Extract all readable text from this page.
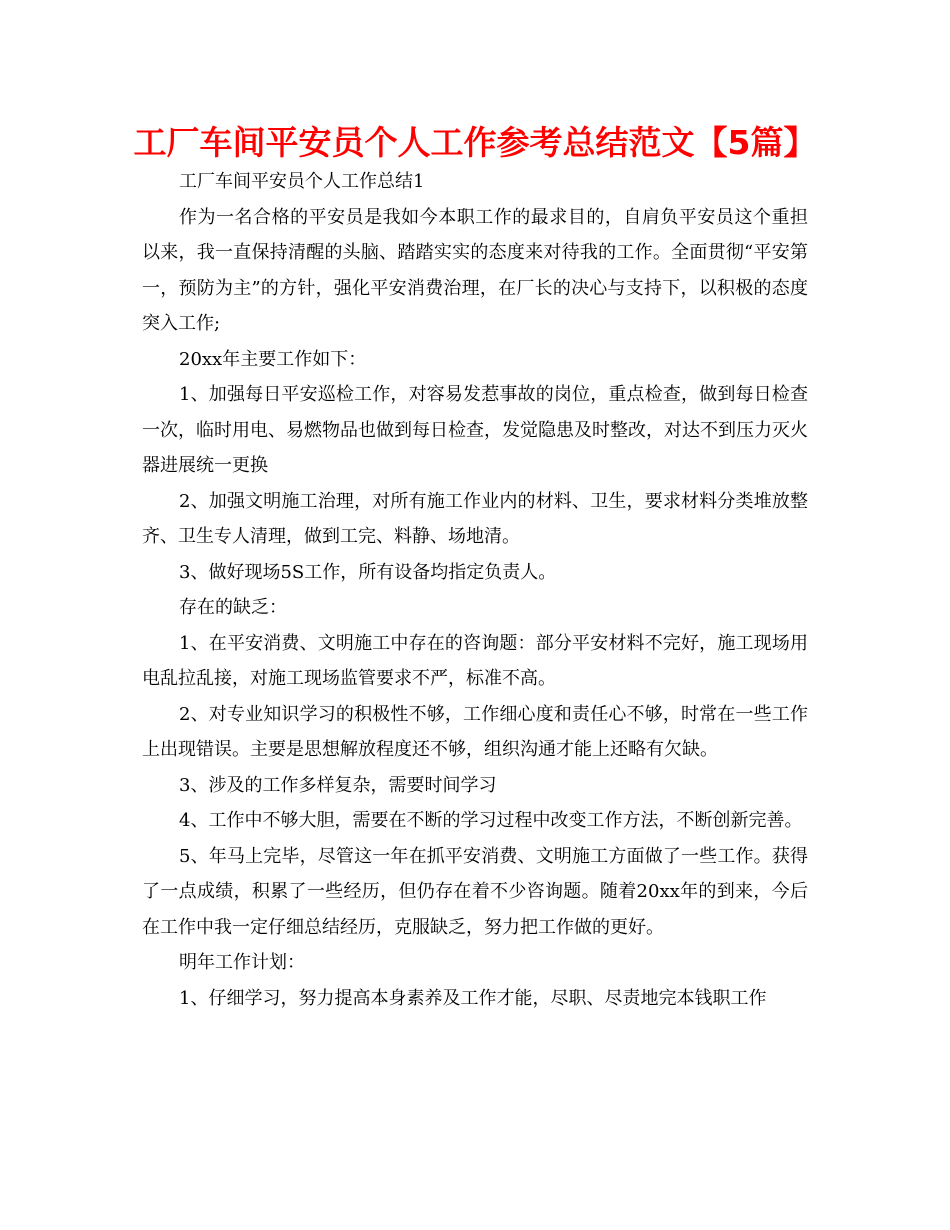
工厂车间平安员个人工作参考总结范文【5篇】

工厂车间平安员个人工作总结1

作为一名合格的平安员是我如今本职工作的最求目的，自肩负平安员这个重担以来，我一直保持清醒的头脑、踏踏实实的态度来对待我的工作。全面贯彻“平安第一，预防为主”的方针，强化平安消费治理，在厂长的决心与支持下，以积极的态度突入工作;

20xx年主要工作如下：

1、加强每日平安巡检工作，对容易发惹事故的岗位，重点检查，做到每日检查一次，临时用电、易燃物品也做到每日检查，发觉隐患及时整改，对达不到压力灭火器进展统一更换

2、加强文明施工治理，对所有施工作业内的材料、卫生，要求材料分类堆放整齐、卫生专人清理，做到工完、料静、场地清。

3、做好现场5S工作，所有设备均指定负责人。

存在的缺乏：

1、在平安消费、文明施工中存在的咨询题：部分平安材料不完好，施工现场用电乱拉乱接，对施工现场监管要求不严，标准不高。

2、对专业知识学习的积极性不够，工作细心度和责任心不够，时常在一些工作上出现错误。主要是思想解放程度还不够，组织沟通才能上还略有欠缺。

3、涉及的工作多样复杂，需要时间学习

4、工作中不够大胆，需要在不断的学习过程中改变工作方法，不断创新完善。

5、年马上完毕，尽管这一年在抓平安消费、文明施工方面做了一些工作。获得了一点成绩，积累了一些经历，但仍存在着不少咨询题。随着20xx年的到来，今后在工作中我一定仔细总结经历，克服缺乏，努力把工作做的更好。

明年工作计划：

1、仔细学习，努力提高本身素养及工作才能，尽职、尽责地完本钱职工作
